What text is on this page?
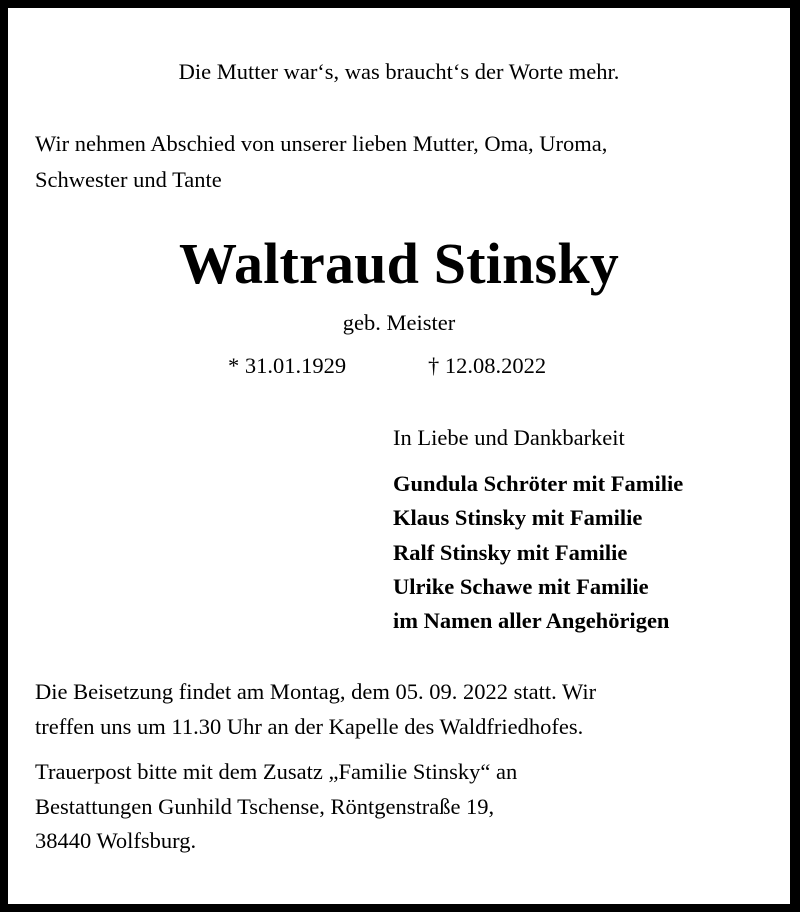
Die Mutter war‘s, was braucht‘s der Worte mehr.
Wir nehmen Abschied von unserer lieben Mutter, Oma, Uroma,
Schwester und Tante
Waltraud Stinsky
geb. Meister
* 31.01.1929	† 12.08.2022
In Liebe und Dankbarkeit
Gundula Schröter mit Familie
Klaus Stinsky mit Familie
Ralf Stinsky mit Familie
Ulrike Schawe mit Familie
im Namen aller Angehörigen
Die Beisetzung findet am Montag, dem 05. 09. 2022 statt. Wir
treffen uns um 11.30 Uhr an der Kapelle des Waldfriedhofes.
Trauerpost bitte mit dem Zusatz „Familie Stinsky“ an
Bestattungen Gunhild Tschense, Röntgenstraße 19,
38440 Wolfsburg.
